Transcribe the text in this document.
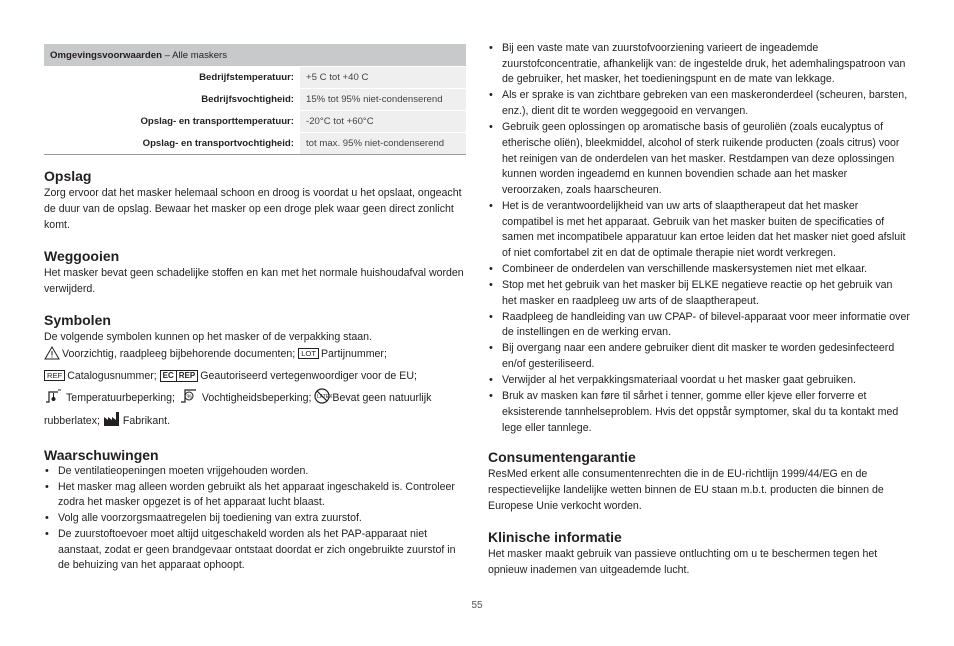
Omgevingsvoorwaarden – Alle maskers	
Bedrijfstemperatuur:	+5 C tot +40 C
Bedrijfsvochtigheid:	15% tot 95% niet-condenserend
Opslag- en transporttemperatuur:	-20°C tot +60°C
Opslag- en transportvochtigheid:	tot max. 95% niet-condenserend
Opslag

Zorg ervoor dat het masker helemaal schoon en droog is voordat u het opslaat, ongeacht de duur van de opslag. Bewaar het masker op een droge plek waar geen direct zonlicht komt.

Weggooien

Het masker bevat geen schadelijke stoffen en kan met het normale huishoudafval worden verwijderd.

Symbolen

De volgende symbolen kunnen op het masker of de verpakking staan.

Voorzichtig, raadpleeg bijbehorende documenten; LOT Partijnummer;
REF Catalogusnummer; EC REP Geautoriseerd vertegenwoordiger voor de EU;
Temperatuurbeperking; % Vochtigheidsbeperking; LATEX Bevat geen natuurlijk rubberlatex; Fabrikant.
Waarschuwingen
• De ventilatieopeningen moeten vrijgehouden worden.
• Het masker mag alleen worden gebruikt als het apparaat ingeschakeld is. Controleer zodra het masker opgezet is of het apparaat lucht blaast.
• Volg alle voorzorgsmaatregelen bij toediening van extra zuurstof.
• De zuurstoftoevoer moet altijd uitgeschakeld worden als het PAP-apparaat niet aanstaat, zodat er geen brandgevaar ontstaat doordat er zich ongebruikte zuurstof in de behuizing van het apparaat ophoopt.
• Bij een vaste mate van zuurstofvoorziening varieert de ingeademde zuurstofconcentratie, afhankelijk van: de ingestelde druk, het ademhalingspatroon van de gebruiker, het masker, het toedieningspunt en de mate van lekkage.
• Als er sprake is van zichtbare gebreken van een maskeronderdeel (scheuren, barsten, enz.), dient dit te worden weggegooid en vervangen.
• Gebruik geen oplossingen op aromatische basis of geuroliën (zoals eucalyptus of etherische oliën), bleekmiddel, alcohol of sterk ruikende producten (zoals citrus) voor het reinigen van de onderdelen van het masker. Restdampen van deze oplossingen kunnen worden ingeademd en kunnen bovendien schade aan het masker veroorzaken, zoals haarscheuren.
• Het is de verantwoordelijkheid van uw arts of slaaptherapeut dat het masker compatibel is met het apparaat. Gebruik van het masker buiten de specificaties of samen met incompatibele apparatuur kan ertoe leiden dat het masker niet goed afsluit of niet comfortabel zit en dat de optimale therapie niet wordt verkregen.
• Combineer de onderdelen van verschillende maskersystemen niet met elkaar.
• Stop met het gebruik van het masker bij ELKE negatieve reactie op het gebruik van het masker en raadpleeg uw arts of de slaaptherapeut.
• Raadpleeg de handleiding van uw CPAP- of bilevel-apparaat voor meer informatie over de instellingen en de werking ervan.
• Bij overgang naar een andere gebruiker dient dit masker te worden gedesinfecteerd en/of gesteriliseerd.
• Verwijder al het verpakkingsmateriaal voordat u het masker gaat gebruiken.
• Bruk av masken kan føre til sårhet i tenner, gomme eller kjeve eller forverre et eksisterende tannhelseproblem. Hvis det oppstår symptomer, skal du ta kontakt med lege eller tannlege.
Consumentengarantie

ResMed erkent alle consumentenrechten die in de EU-richtlijn 1999/44/EG en de respectievelijke landelijke wetten binnen de EU staan m.b.t. producten die binnen de Europese Unie verkocht worden.

Klinische informatie

Het masker maakt gebruik van passieve ontluchting om u te beschermen tegen het opnieuw inademen van uitgeademde lucht.

55
